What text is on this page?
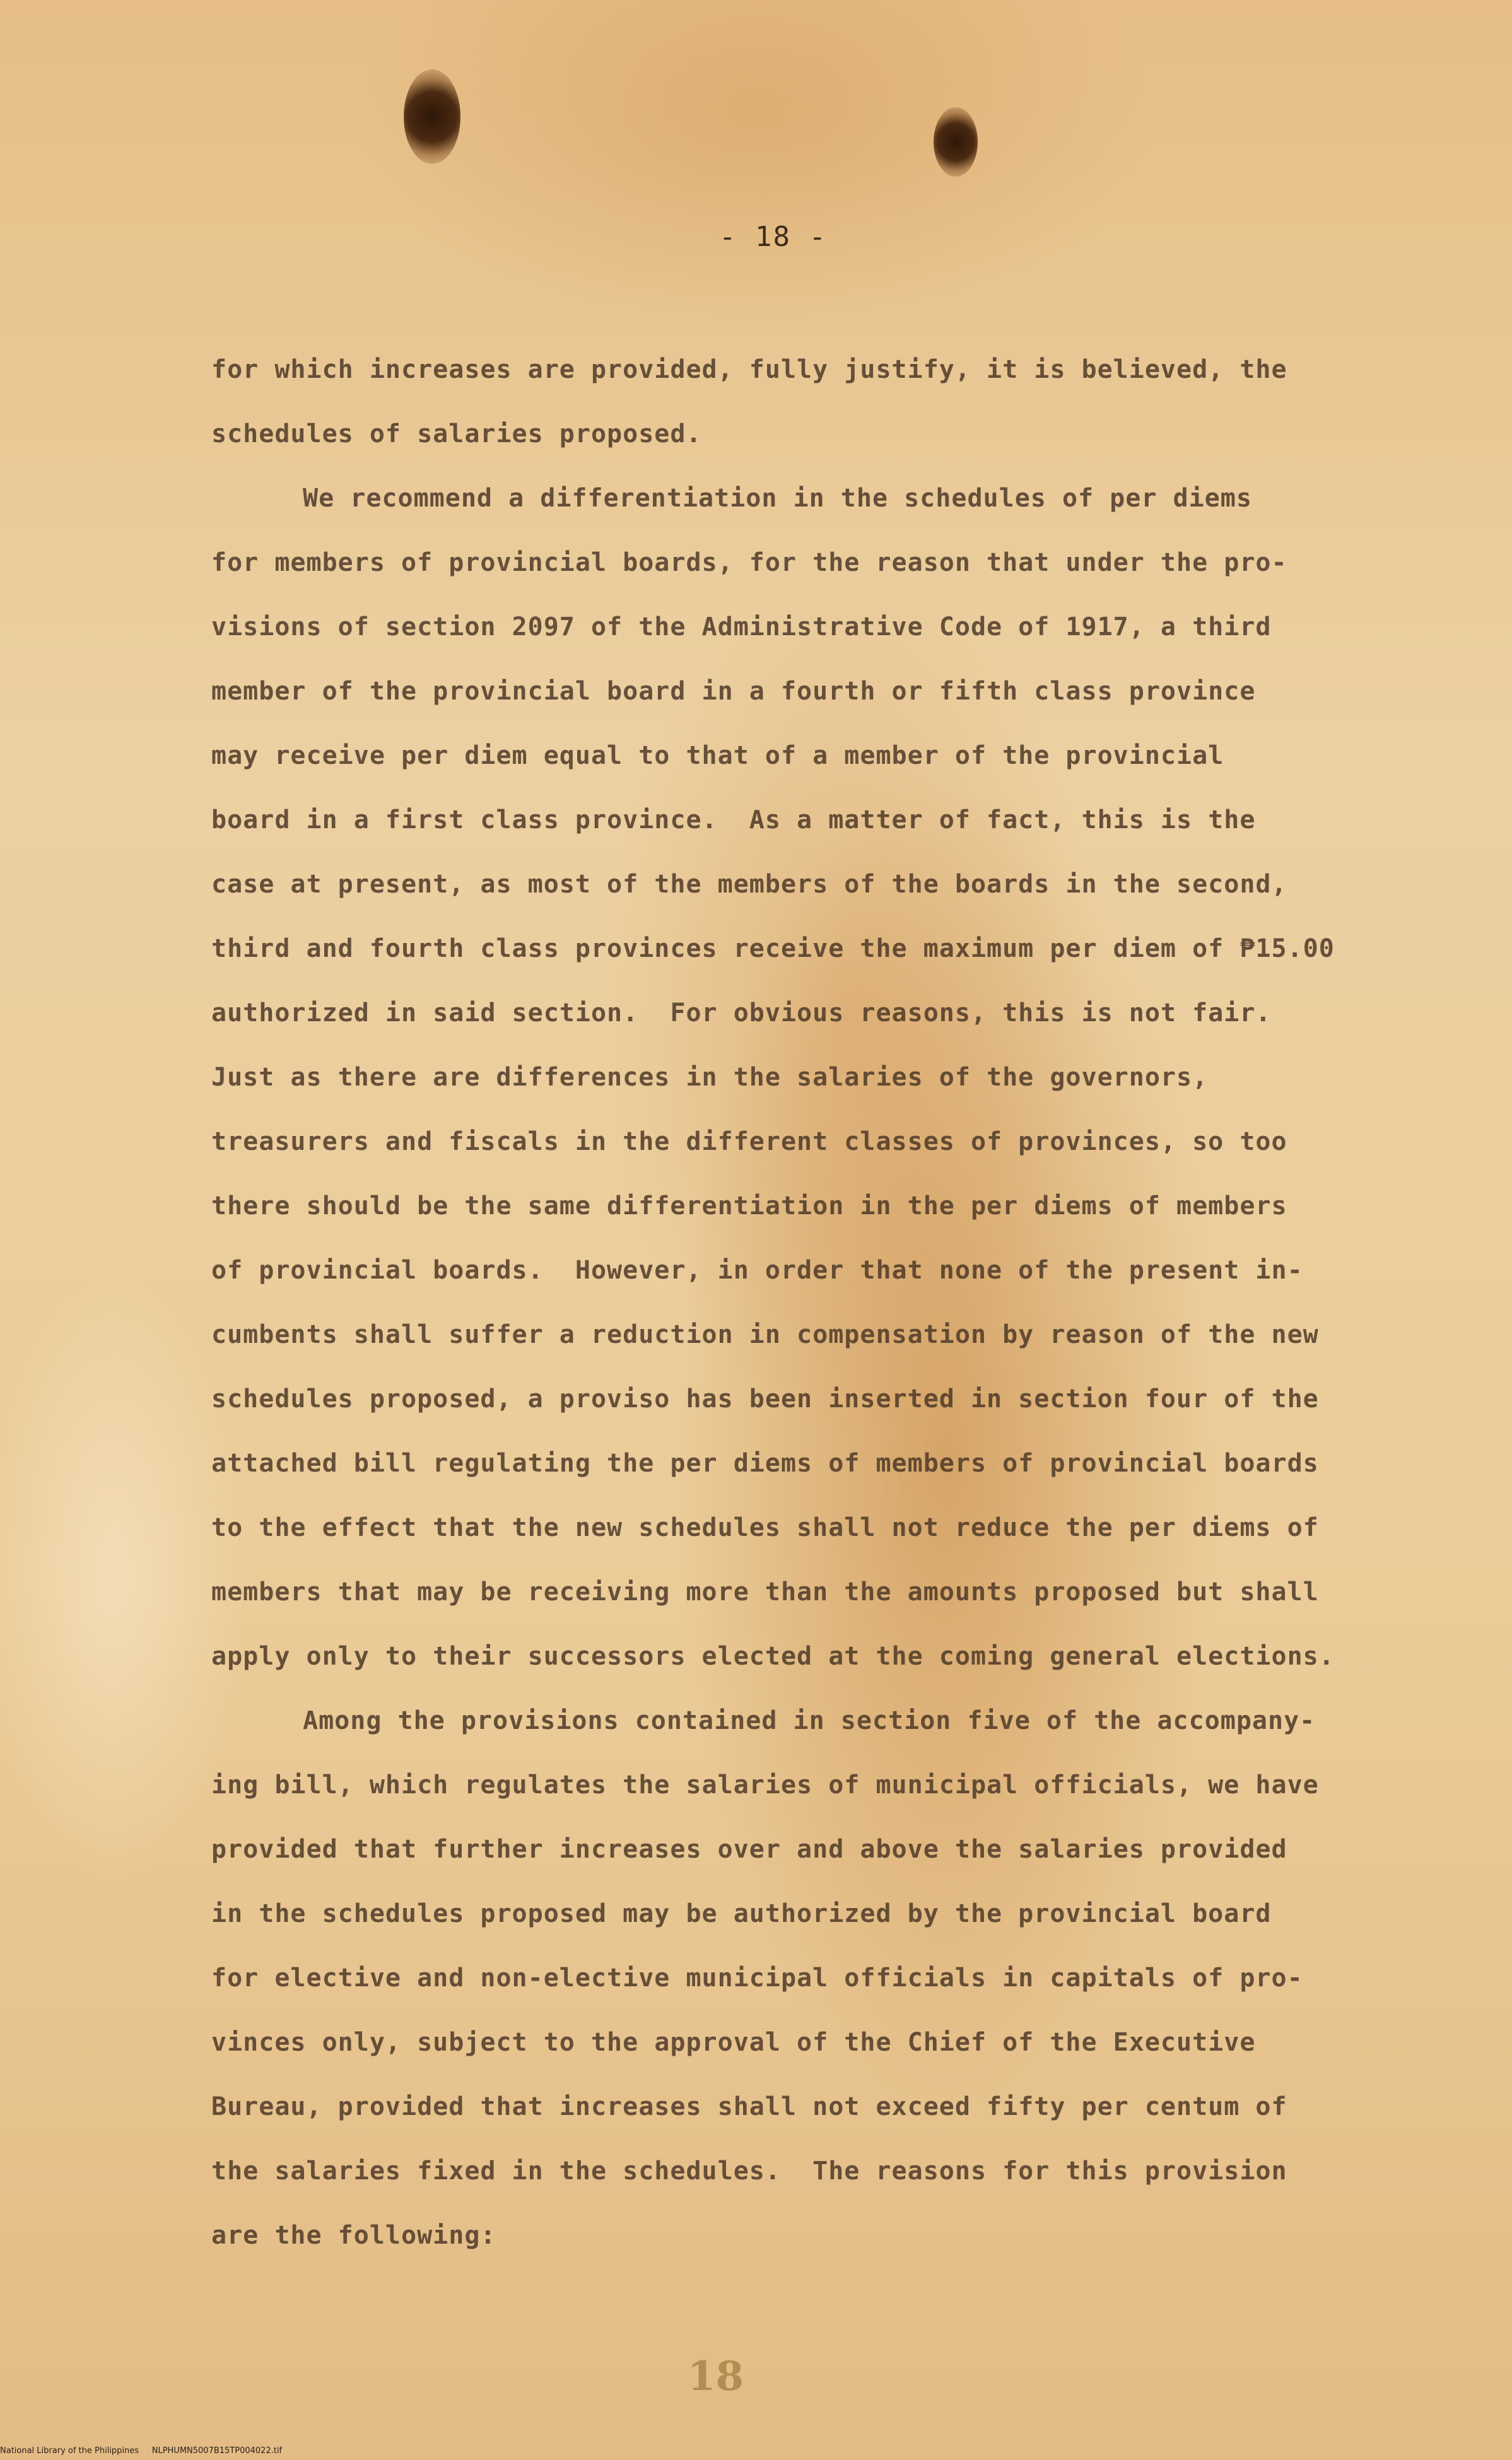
- 18 -
for which increases are provided, fully justify, it is believed, the
schedules of salaries proposed.
We recommend a differentiation in the schedules of per diems
for members of provincial boards, for the reason that under the pro-
visions of section 2097 of the Administrative Code of 1917, a third
member of the provincial board in a fourth or fifth class province
may receive per diem equal to that of a member of the provincial
board in a first class province.  As a matter of fact, this is the
case at present, as most of the members of the boards in the second,
third and fourth class provinces receive the maximum per diem of ₱15.00
authorized in said section.  For obvious reasons, this is not fair.
Just as there are differences in the salaries of the governors,
treasurers and fiscals in the different classes of provinces, so too
there should be the same differentiation in the per diems of members
of provincial boards.  However, in order that none of the present in-
cumbents shall suffer a reduction in compensation by reason of the new
schedules proposed, a proviso has been inserted in section four of the
attached bill regulating the per diems of members of provincial boards
to the effect that the new schedules shall not reduce the per diems of
members that may be receiving more than the amounts proposed but shall
apply only to their successors elected at the coming general elections.
Among the provisions contained in section five of the accompany-
ing bill, which regulates the salaries of municipal officials, we have
provided that further increases over and above the salaries provided
in the schedules proposed may be authorized by the provincial board
for elective and non-elective municipal officials in capitals of pro-
vinces only, subject to the approval of the Chief of the Executive
Bureau, provided that increases shall not exceed fifty per centum of
the salaries fixed in the schedules.  The reasons for this provision
are the following:
18
National Library of the Philippines     NLPHUMN5007B15TP004022.tif
